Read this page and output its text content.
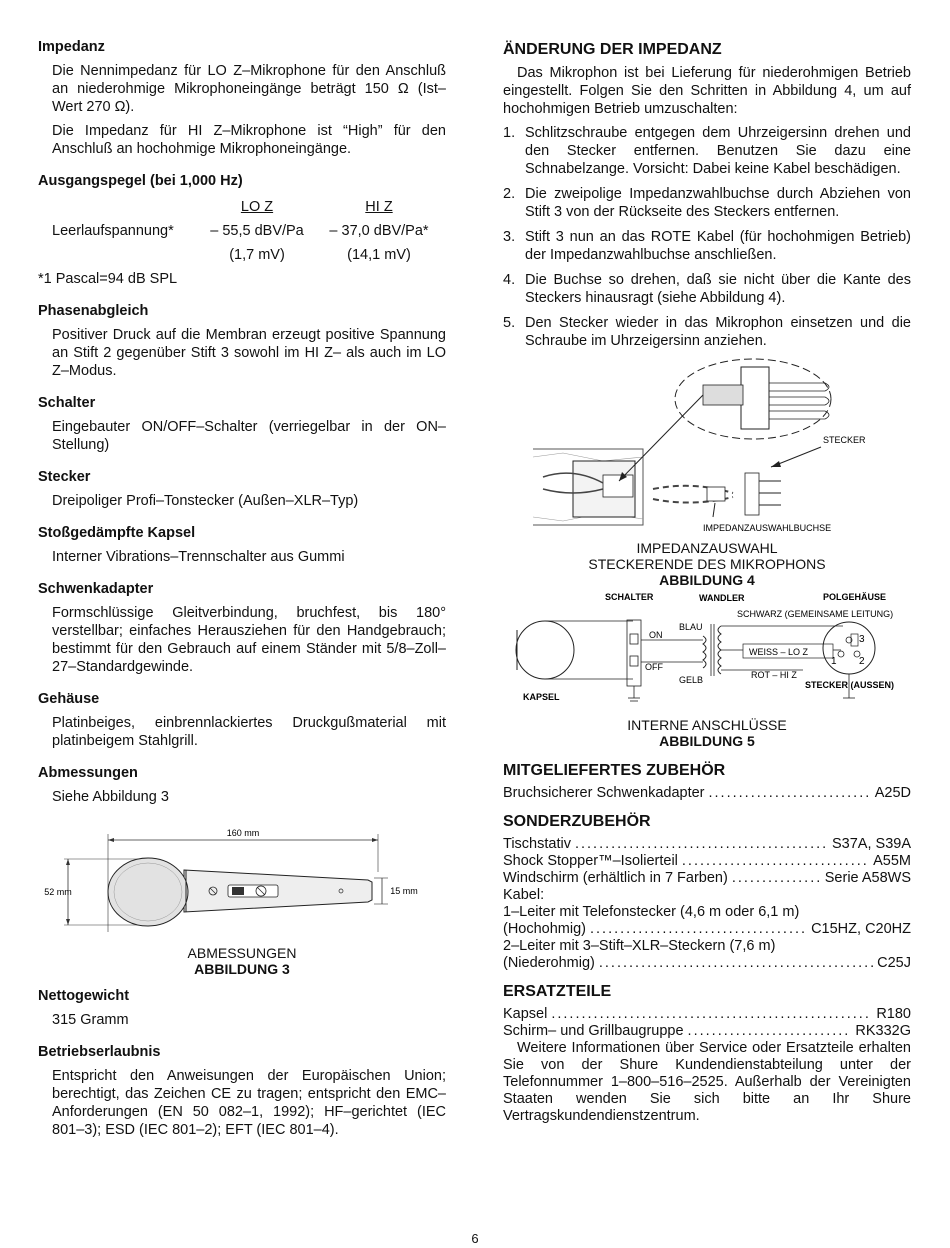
Impedanz

Die Nennimpedanz für LO Z–Mikrophone für den Anschluß an niederohmige Mikrophoneingänge beträgt 150 Ω (Ist–Wert 270 Ω).

Die Impedanz für HI Z–Mikrophone ist “High” für den Anschluß an hochohmige Mikrophoneingänge.

Ausgangspegel (bei 1,000 Hz)
	LO Z	HI Z
Leerlaufspannung*	– 55,5 dBV/Pa	– 37,0 dBV/Pa*
	(1,7 mV)	(14,1 mV)

*1 Pascal=94 dB SPL

Phasenabgleich

Positiver Druck auf die Membran erzeugt positive Spannung an Stift 2 gegenüber Stift 3 sowohl im HI Z– als auch im LO Z–Modus.

Schalter

Eingebauter ON/OFF–Schalter (verriegelbar in der ON–Stellung)

Stecker

Dreipoliger Profi–Tonstecker (Außen–XLR–Typ)

Stoßgedämpfte Kapsel

Interner Vibrations–Trennschalter aus Gummi

Schwenkadapter

Formschlüssige Gleitverbindung, bruchfest, bis 180° verstellbar; einfaches Herausziehen für den Handgebrauch; bestimmt für den Gebrauch auf einem Ständer mit 5/8–Zoll–27–Standardgewinde.

Gehäuse

Platinbeiges, einbrennlackiertes Druckgußmaterial mit platinbeigem Stahlgrill.

Abmessungen

Siehe Abbildung 3

160 mm
52 mm	15 mm
ABMESSUNGEN
ABBILDUNG 3
Nettogewicht

315 Gramm

Betriebserlaubnis

Entspricht den Anweisungen der Europäischen Union; berechtigt, das Zeichen CE zu tragen; entspricht den EMC–Anforderungen (EN 50 082–1, 1992); HF–gerichtet (IEC 801–3); ESD (IEC 801–2); EFT (IEC 801–4).

ÄNDERUNG DER IMPEDANZ

Das Mikrophon ist bei Lieferung für niederohmigen Betrieb eingestellt. Folgen Sie den Schritten in Abbildung 4, um auf hochohmigen Betrieb umzuschalten:

1. Schlitzschraube entgegen dem Uhrzeigersinn drehen und den Stecker entfernen. Benutzen Sie dazu eine Schnabelzange. Vorsicht: Dabei keine Kabel beschädigen.
2. Die zweipolige Impedanzwahlbuchse durch Abziehen von Stift 3 von der Rückseite des Steckers entfernen.
3. Stift 3 nun an das ROTE Kabel (für hochohmigen Betrieb) der Impedanzwahlbuchse anschließen.
4. Die Buchse so drehen, daß sie nicht über die Kante des Steckers hinausragt (siehe Abbildung 4).
5. Den Stecker wieder in das Mikrophon einsetzen und die Schraube im Uhrzeigersinn anziehen.
STECKER
IMPEDANZAUSWAHLBUCHSE
IMPEDANZAUSWAHL
STECKERENDE DES MIKROPHONS
ABBILDUNG 4
SCHALTER	WANDLER	POLGEHÄUSE
KAPSEL
ON
OFF
BLAU
GELB
SCHWARZ (GEMEINSAME LEITUNG)
WEISS – LO Z
ROT – HI Z
3
1 2
STECKER (AUSSEN)
INTERNE ANSCHLÜSSE
ABBILDUNG 5
MITGELIEFERTES ZUBEHÖR
Bruchsicherer Schwenkadapter .....	A25D
SONDERZUBEHÖR
Tischstativ .....	S37A, S39A
Shock Stopper™–Isolierteil .....	A55M
Windschirm (erhältlich in 7 Farben) .....	Serie A58WS
Kabel:
1–Leiter mit Telefonstecker (4,6 m oder 6,1 m)
(Hochohmig) .....	C15HZ, C20HZ
2–Leiter mit 3–Stift–XLR–Steckern (7,6 m)
(Niederohmig) .....	C25J
ERSATZTEILE
Kapsel .....	R180
Schirm– und Grillbaugruppe .....	RK332G

Weitere Informationen über Service oder Ersatzteile erhalten Sie von der Shure Kundendienstabteilung unter der Telefonnummer 1–800–516–2525. Außerhalb der Vereinigten Staaten wenden Sie sich bitte an Ihr Shure Vertragskundendienstzentrum.

6
